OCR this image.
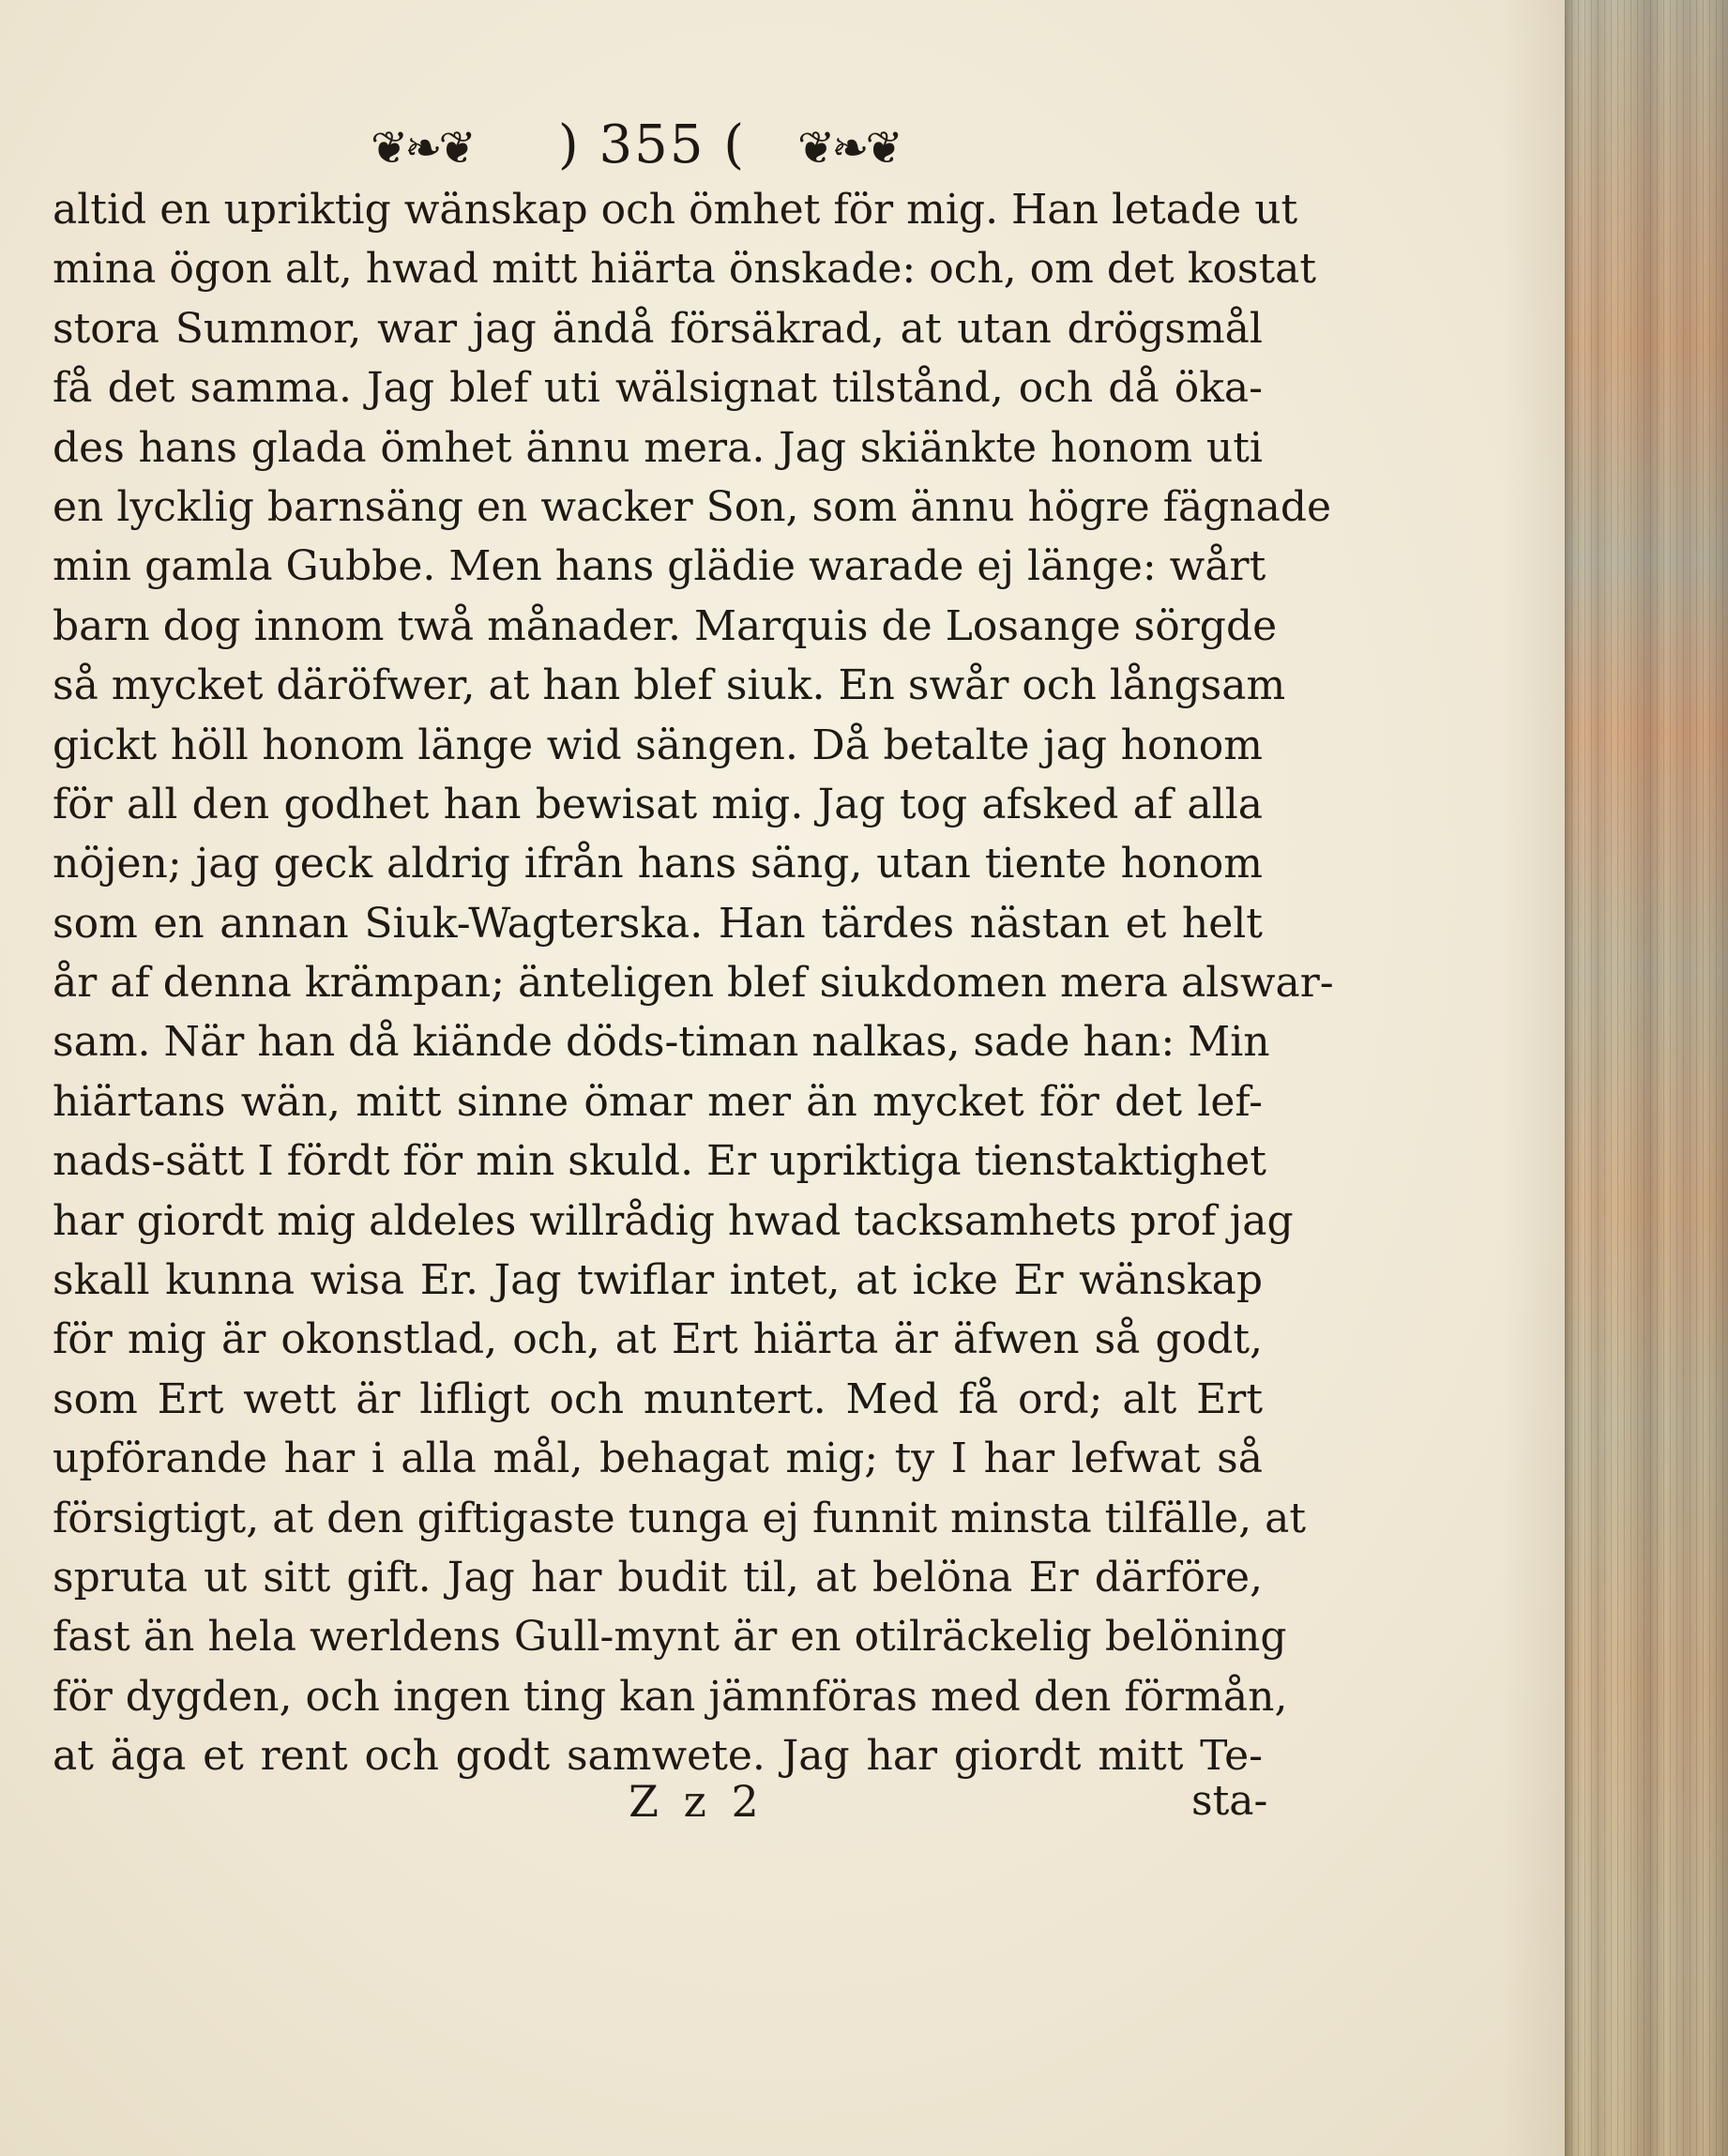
❦❧❦ ) 355 (	❦❧❦
altid en upriktig wänskap och ömhet för mig. Han letade ut
mina ögon alt, hwad mitt hiärta önskade: och, om det kostat
stora Summor, war jag ändå försäkrad, at utan drögsmål
få det samma. Jag blef uti wälsignat tilstånd, och då öka-
des hans glada ömhet ännu mera. Jag skiänkte honom uti
en lycklig barnsäng en wacker Son, som ännu högre fägnade
min gamla Gubbe. Men hans glädie warade ej länge: wårt
barn dog innom twå månader. Marquis de Losange sörgde
så mycket däröfwer, at han blef siuk. En swår och långsam
gickt höll honom länge wid sängen. Då betalte jag honom
för all den godhet han bewisat mig. Jag tog afsked af alla
nöjen; jag geck aldrig ifrån hans säng, utan tiente honom
som en annan Siuk-Wagterska. Han tärdes nästan et helt
år af denna krämpan; änteligen blef siukdomen mera alswar-
sam. När han då kiände döds-timan nalkas, sade han: Min
hiärtans wän, mitt sinne ömar mer än mycket för det lef-
nads-sätt I fördt för min skuld. Er upriktiga tienstaktighet
har giordt mig aldeles willrådig hwad tacksamhets prof jag
skall kunna wisa Er. Jag twiflar intet, at icke Er wänskap
för mig är okonstlad, och, at Ert hiärta är äfwen så godt,
som Ert wett är lifligt och muntert. Med få ord; alt Ert
upförande har i alla mål, behagat mig; ty I har lefwat så
försigtigt, at den giftigaste tunga ej funnit minsta tilfälle, at
spruta ut sitt gift. Jag har budit til, at belöna Er därföre,
fast än hela werldens Gull-mynt är en otilräckelig belöning
för dygden, och ingen ting kan jämnföras med den förmån,
at äga et rent och godt samwete. Jag har giordt mitt Te-
Z z 2	sta-
